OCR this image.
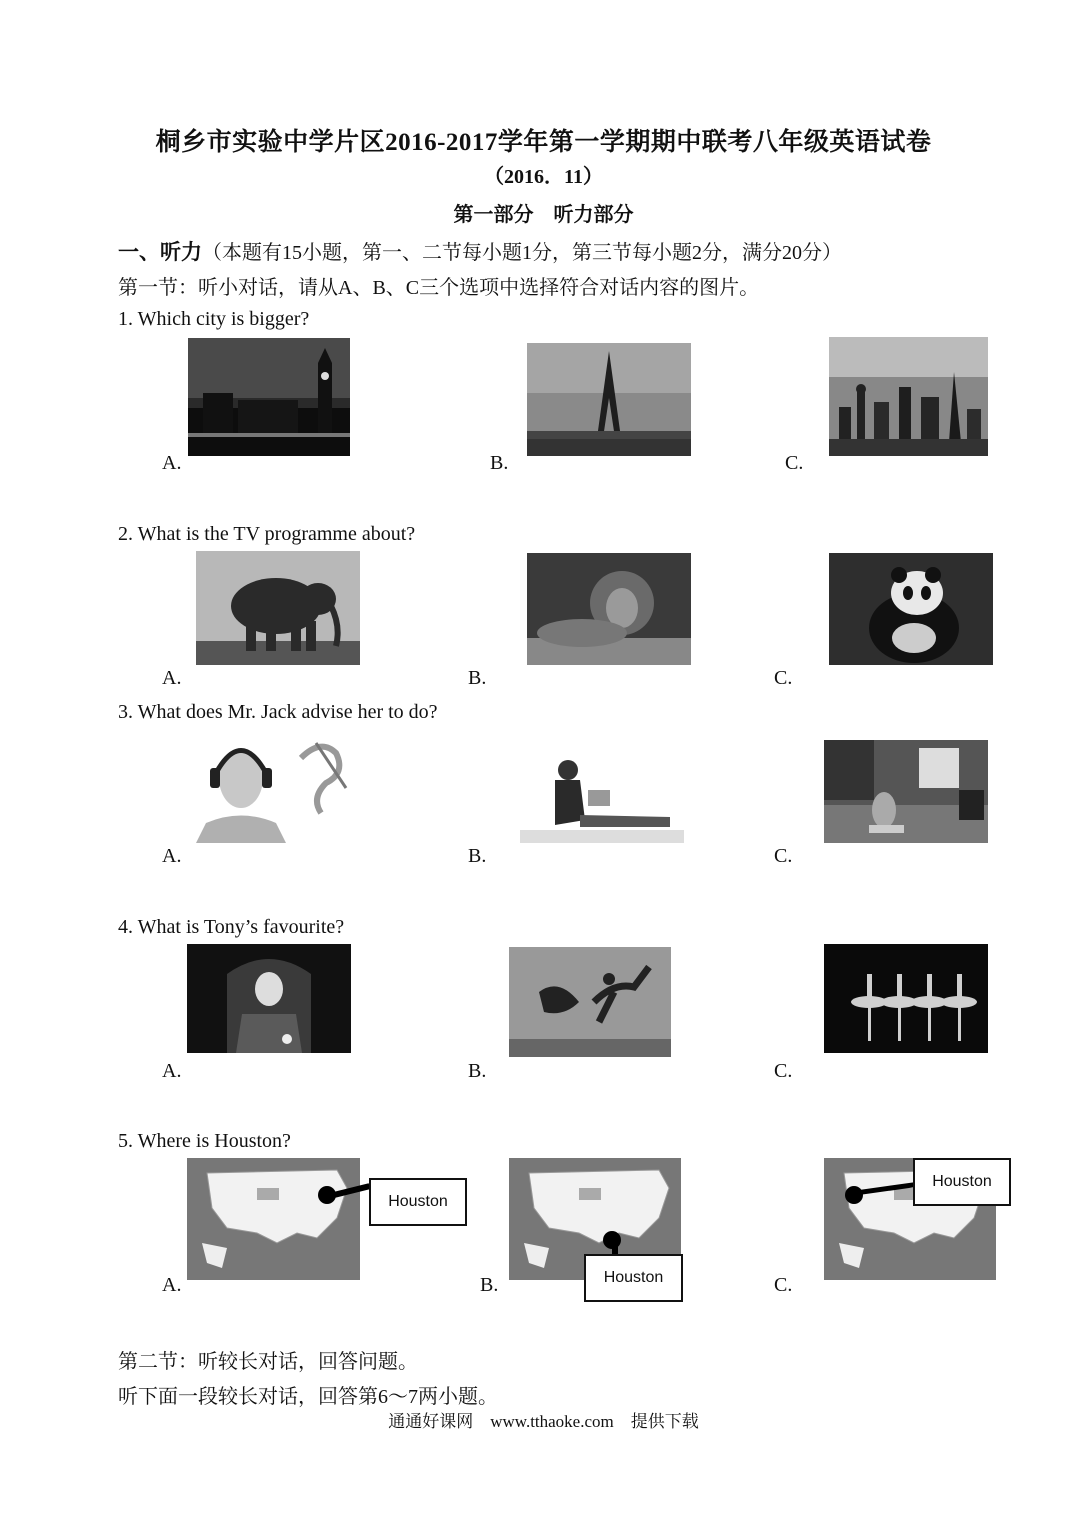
桐乡市实验中学片区2016-2017学年第一学期期中联考八年级英语试卷
（2016．11）
第一部分　听力部分
一、听力（本题有15小题，第一、二节每小题1分，第三节每小题2分，满分20分）
第一节：听小对话，请从A、B、C三个选项中选择符合对话内容的图片。
1. Which city is bigger?
A.	B.	C.
2. What is the TV programme about?
A.	B.	C.
3. What does Mr. Jack advise her to do?
A.	B.	C.
4. What is Tony’s favourite?
A.	B.	C.
5. Where is Houston?
Houston
A.	Houston
B.
Houston
C.
第二节：听较长对话，回答问题。
听下面一段较长对话，回答第6～7两小题。
通通好课网　www.tthaoke.com　提供下载
